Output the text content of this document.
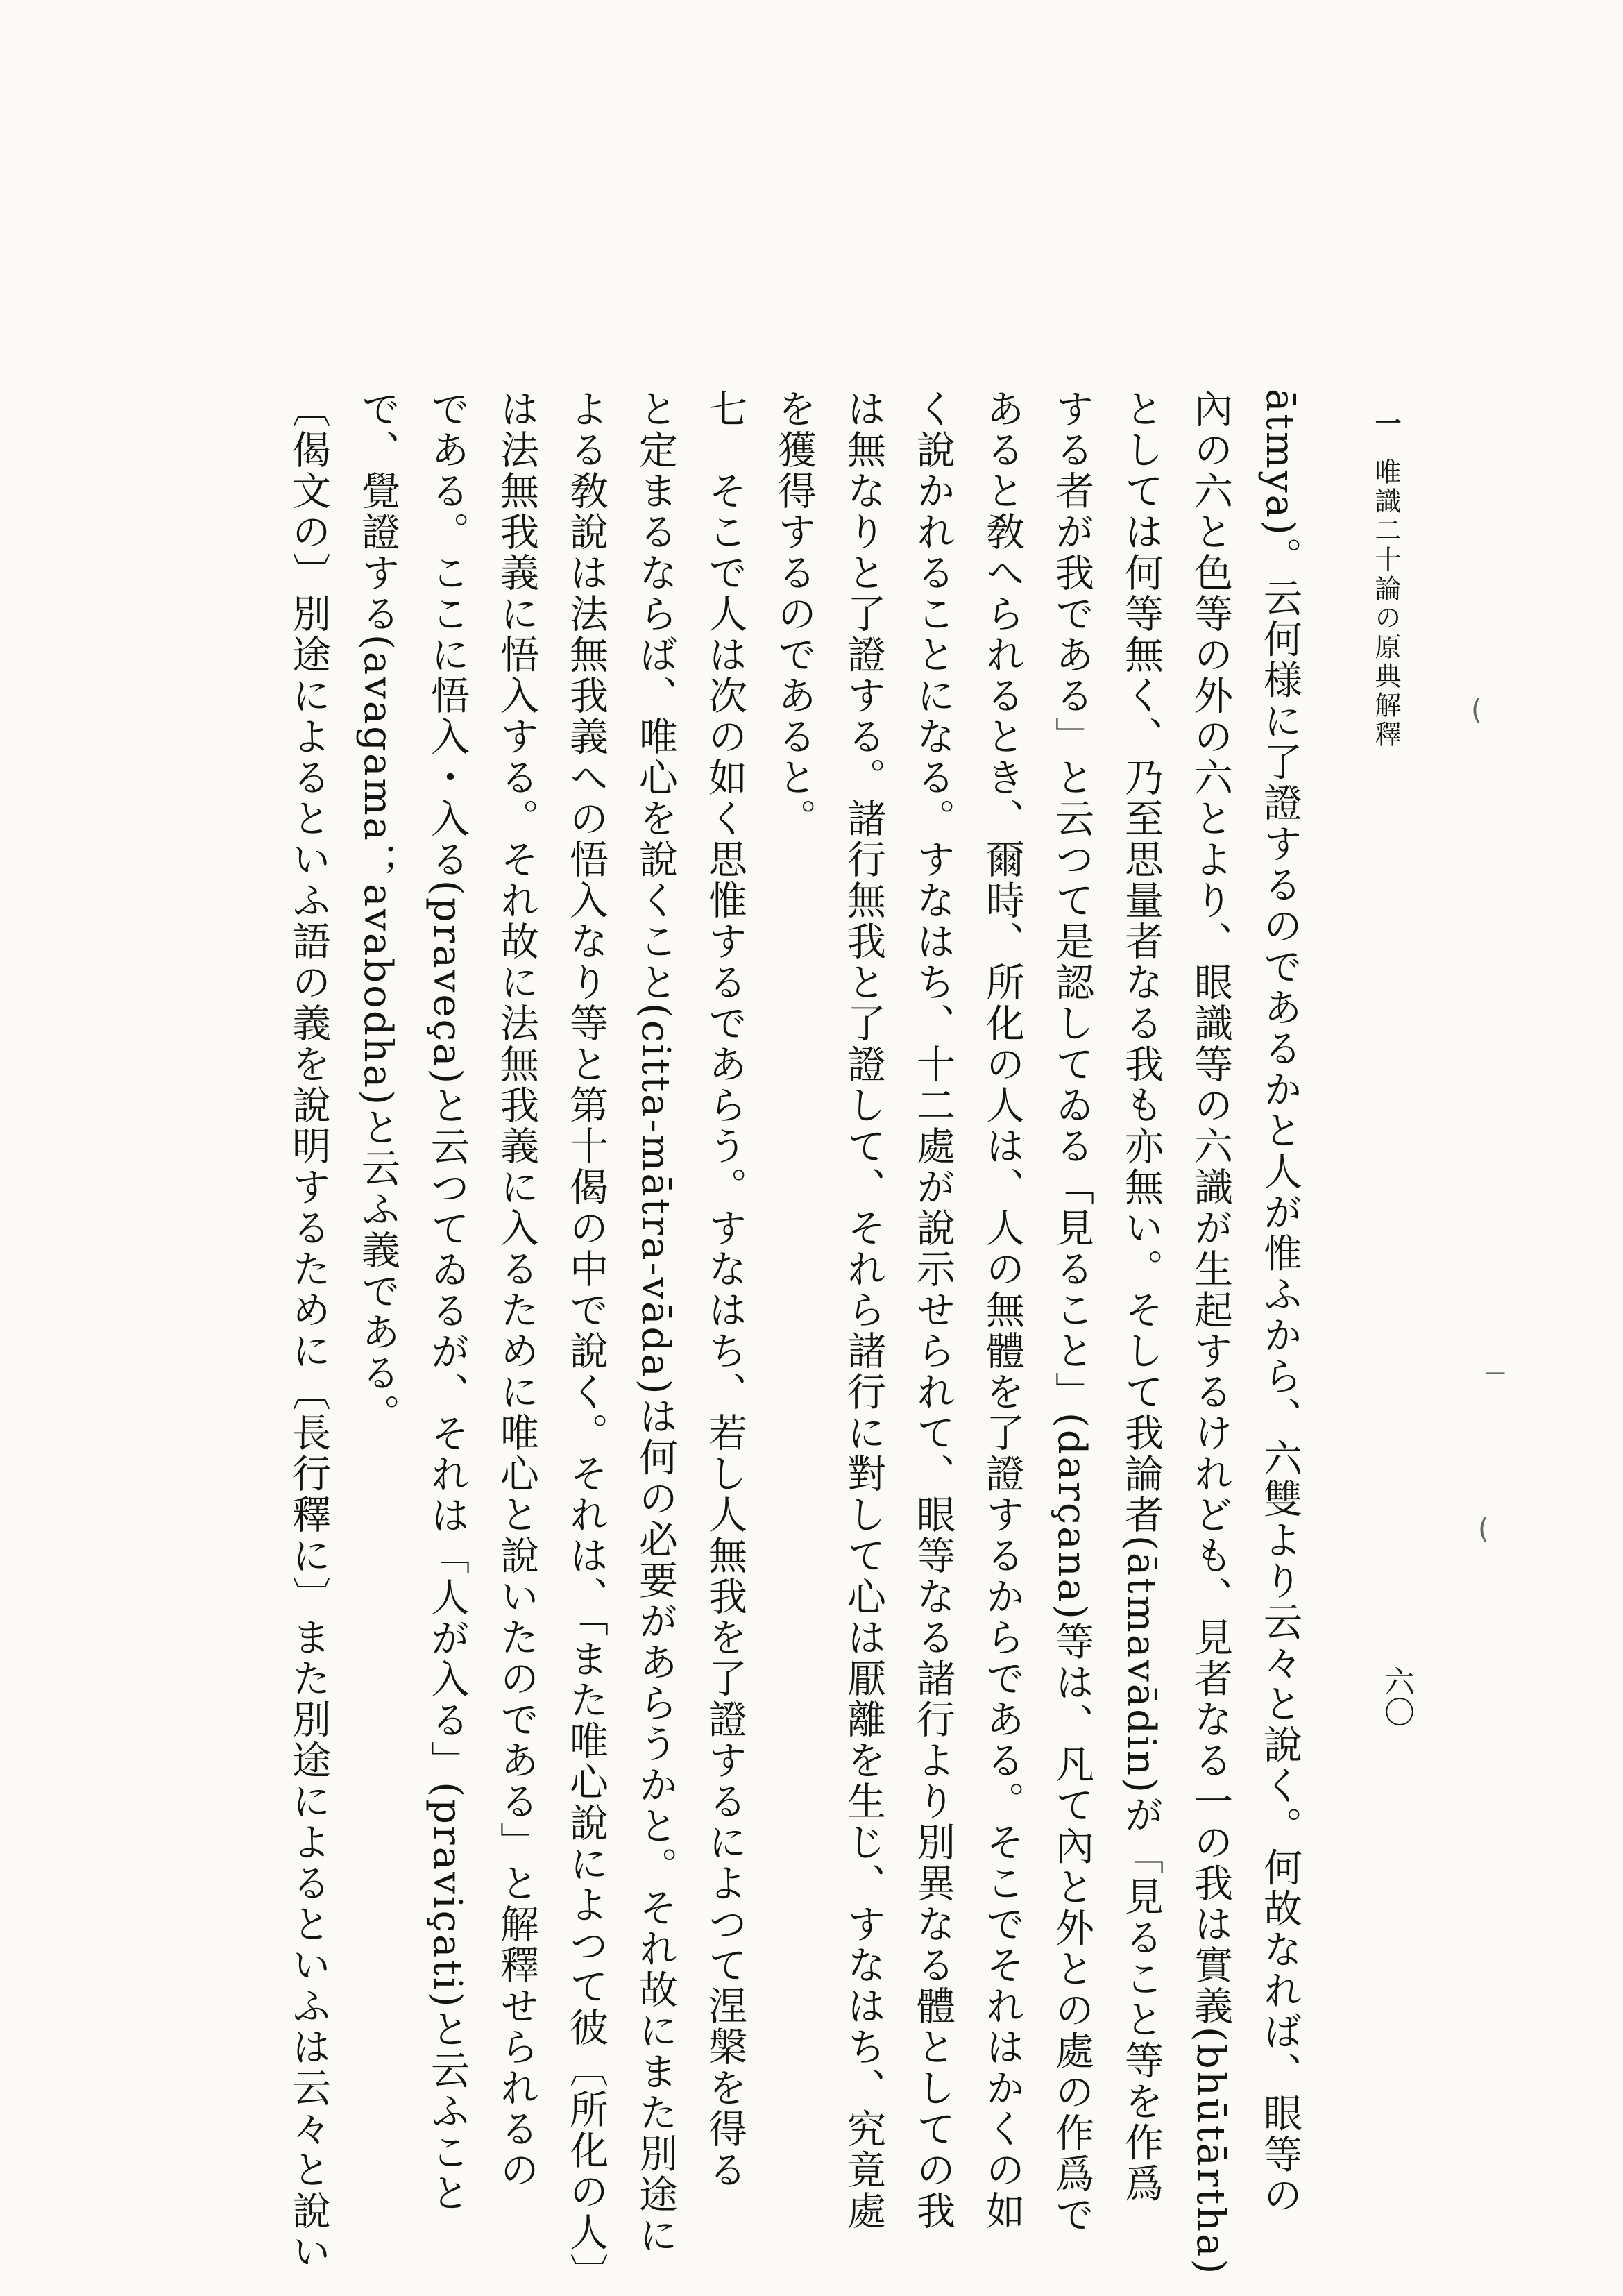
一唯識二十論の原典解釋
六〇
ātmya)。云何様に了證するのであるかと人が惟ふから、六雙より云々と說く。何故なれば、眼等の
內の六と色等の外の六とより、眼識等の六識が生起するけれども、見者なる一の我は實義(bhūtārtha)
としては何等無く、乃至思量者なる我も亦無い。そして我論者(ātmavādin)が「見ること等を作爲
する者が我である」と云つて是認してゐる「見ること」(darçana)等は、凡て內と外との處の作爲で
あると敎へられるとき、爾時、所化の人は、人の無體を了證するからである。そこでそれはかくの如
く說かれることになる。すなはち、十二處が說示せられて、眼等なる諸行より別異なる體としての我
は無なりと了證する。諸行無我と了證して、それら諸行に對して心は厭離を生じ、すなはち、究竟處
を獲得するのであると。
七　そこで人は次の如く思惟するであらう。すなはち、若し人無我を了證するによつて涅槃を得る
と定まるならば、唯心を說くこと(citta-mātra-vāda)は何の必要があらうかと。それ故にまた別途に
よる敎說は法無我義への悟入なり等と第十偈の中で說く。それは、「また唯心說によつて彼〔所化の人〕
は法無我義に悟入する。それ故に法無我義に入るために唯心と說いたのである」と解釋せられるの
である。ここに悟入・入る(praveça)と云つてゐるが、それは「人が入る」(praviçati)と云ふこと
で、覺證する(avagama；avabodha)と云ふ義である。
〔偈文の〕別途によるといふ語の義を說明するために〔長行釋に〕また別途によるといふは云々と說い	(
(
—
